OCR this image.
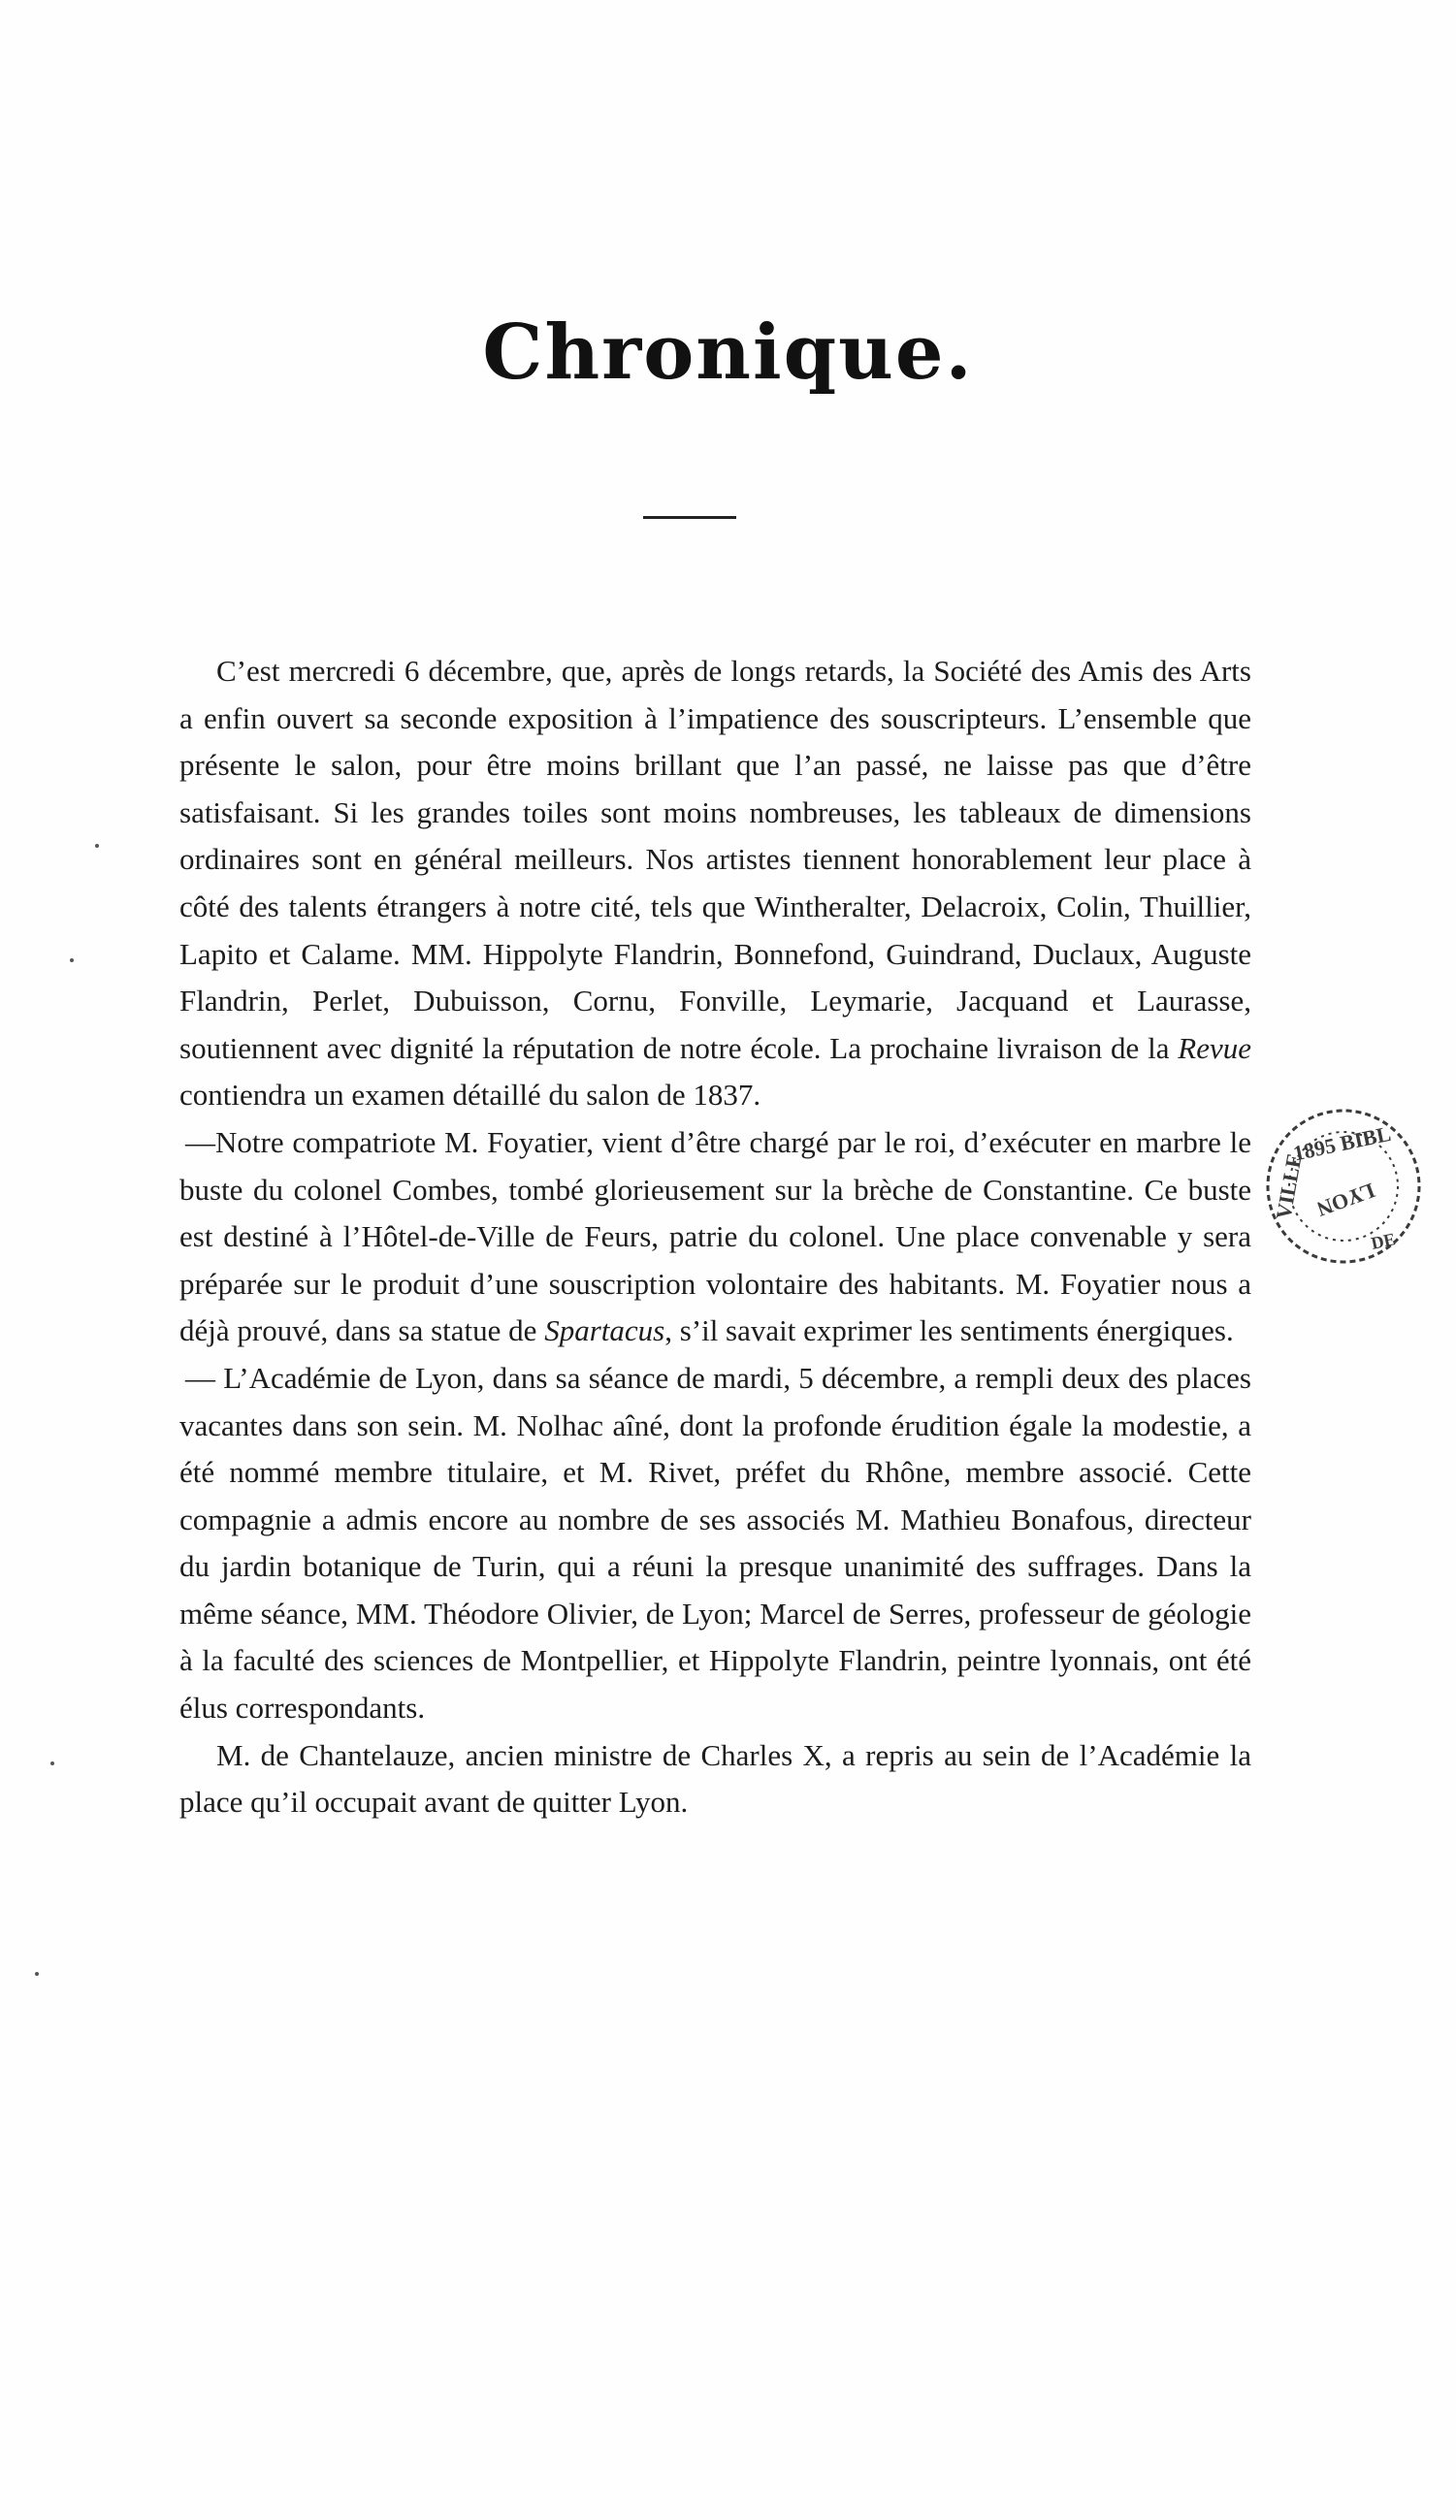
Chronique.

C’est mercredi 6 décembre, que, après de longs retards, la Société des Amis des Arts a enfin ouvert sa seconde exposition à l’impatience des souscripteurs. L’ensemble que présente le salon, pour être moins brillant que l’an passé, ne laisse pas que d’être satisfaisant. Si les grandes toiles sont moins nombreuses, les tableaux de dimensions ordinaires sont en général meilleurs. Nos artistes tiennent honorablement leur place à côté des talents étrangers à notre cité, tels que Wintheralter, Delacroix, Colin, Thuillier, Lapito et Calame. MM. Hippolyte Flandrin, Bonnefond, Guindrand, Duclaux, Auguste Flandrin, Perlet, Dubuisson, Cornu, Fonville, Leymarie, Jacquand et Laurasse, soutiennent avec dignité la réputation de notre école. La prochaine livraison de la Revue contiendra un examen détaillé du salon de 1837.

—Notre compatriote M. Foyatier, vient d’être chargé par le roi, d’exécuter en marbre le buste du colonel Combes, tombé glorieusement sur la brèche de Constantine. Ce buste est destiné à l’Hôtel-de-Ville de Feurs, patrie du colonel. Une place convenable y sera préparée sur le produit d’une souscription volontaire des habitants. M. Foyatier nous a déjà prouvé, dans sa statue de Spartacus, s’il savait exprimer les sentiments énergiques.

— L’Académie de Lyon, dans sa séance de mardi, 5 décembre, a rempli deux des places vacantes dans son sein. M. Nolhac aîné, dont la profonde érudition égale la modestie, a été nommé membre titulaire, et M. Rivet, préfet du Rhône, membre associé. Cette compagnie a admis encore au nombre de ses associés M. Mathieu Bonafous, directeur du jardin botanique de Turin, qui a réuni la presque unanimité des suffrages. Dans la même séance, MM. Théodore Olivier, de Lyon; Marcel de Serres, professeur de géologie à la faculté des sciences de Montpellier, et Hippolyte Flandrin, peintre lyonnais, ont été élus correspondants.

M. de Chantelauze, ancien ministre de Charles X, a repris au sein de l’Académie la place qu’il occupait avant de quitter Lyon.

1895 BIBL
LYON
VILLE
DE
